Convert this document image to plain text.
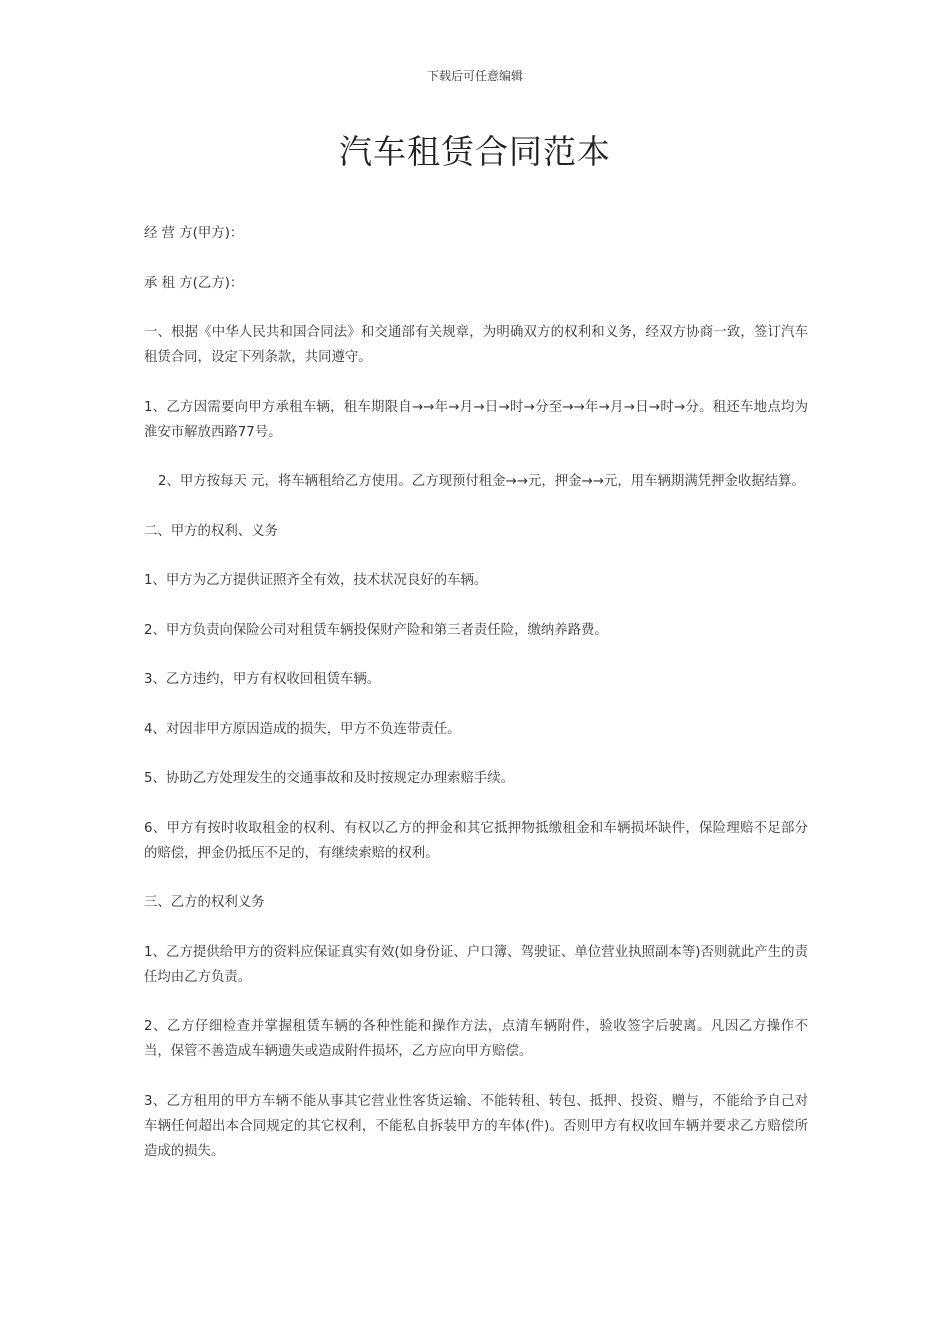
下载后可任意编辑
汽车租赁合同范本

经 营 方(甲方)：

承 租 方(乙方)：

一、根据《中华人民共和国合同法》和交通部有关规章，为明确双方的权利和义务，经双方协商一致，签订汽车租赁合同，设定下列条款，共同遵守。

1、乙方因需要向甲方承租车辆，租车期限自→→年→月→日→时→分至→→年→月→日→时→分。租还车地点均为淮安市解放西路77号。

2、甲方按每天 元，将车辆租给乙方使用。乙方现预付租金→→元，押金→→元，用车辆期满凭押金收据结算。

二、甲方的权利、义务

1、甲方为乙方提供证照齐全有效，技术状况良好的车辆。

2、甲方负责向保险公司对租赁车辆投保财产险和第三者责任险，缴纳养路费。

3、乙方违约，甲方有权收回租赁车辆。

4、对因非甲方原因造成的损失，甲方不负连带责任。

5、协助乙方处理发生的交通事故和及时按规定办理索赔手续。

6、甲方有按时收取租金的权利、有权以乙方的押金和其它抵押物抵缴租金和车辆损坏缺件，保险理赔不足部分的赔偿，押金仍抵压不足的，有继续索赔的权利。

三、乙方的权利义务

1、乙方提供给甲方的资料应保证真实有效(如身份证、户口簿、驾驶证、单位营业执照副本等)否则就此产生的责任均由乙方负责。

2、乙方仔细检查并掌握租赁车辆的各种性能和操作方法，点清车辆附件，验收签字后驶离。凡因乙方操作不当，保管不善造成车辆遗失或造成附件损坏，乙方应向甲方赔偿。

3、乙方租用的甲方车辆不能从事其它营业性客货运输、不能转租、转包、抵押、投资、赠与，不能给予自己对车辆任何超出本合同规定的其它权利，不能私自拆装甲方的车体(件)。否则甲方有权收回车辆并要求乙方赔偿所造成的损失。
